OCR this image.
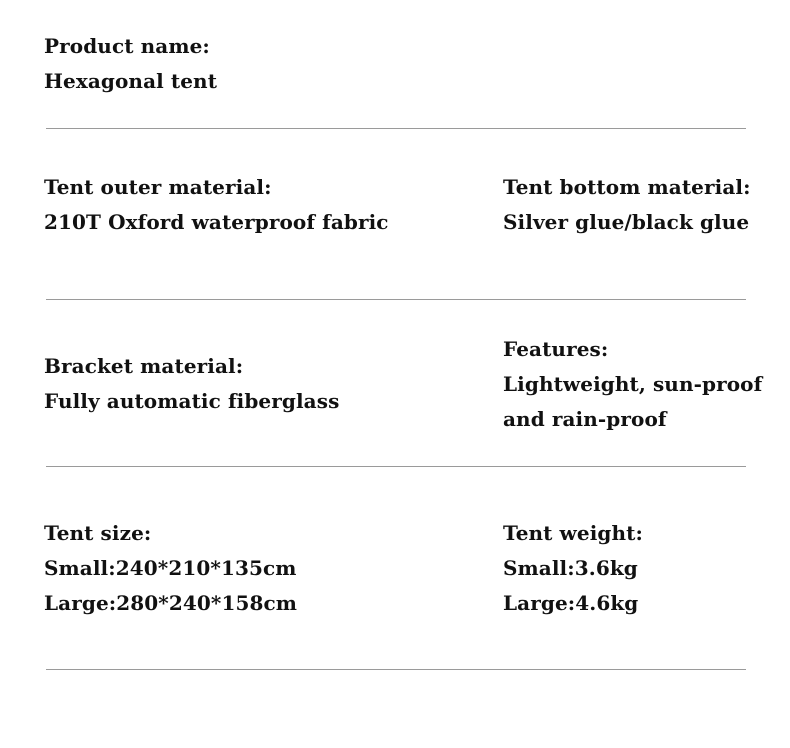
Product name:
Hexagonal tent
Tent outer material:
210T Oxford waterproof fabric
Tent bottom material:
Silver glue/black glue
Bracket material:
Fully automatic fiberglass
Features:
Lightweight, sun-proof
and rain-proof
Tent size:
Small:240*210*135cm
Large:280*240*158cm
Tent weight:
Small:3.6kg
Large:4.6kg
